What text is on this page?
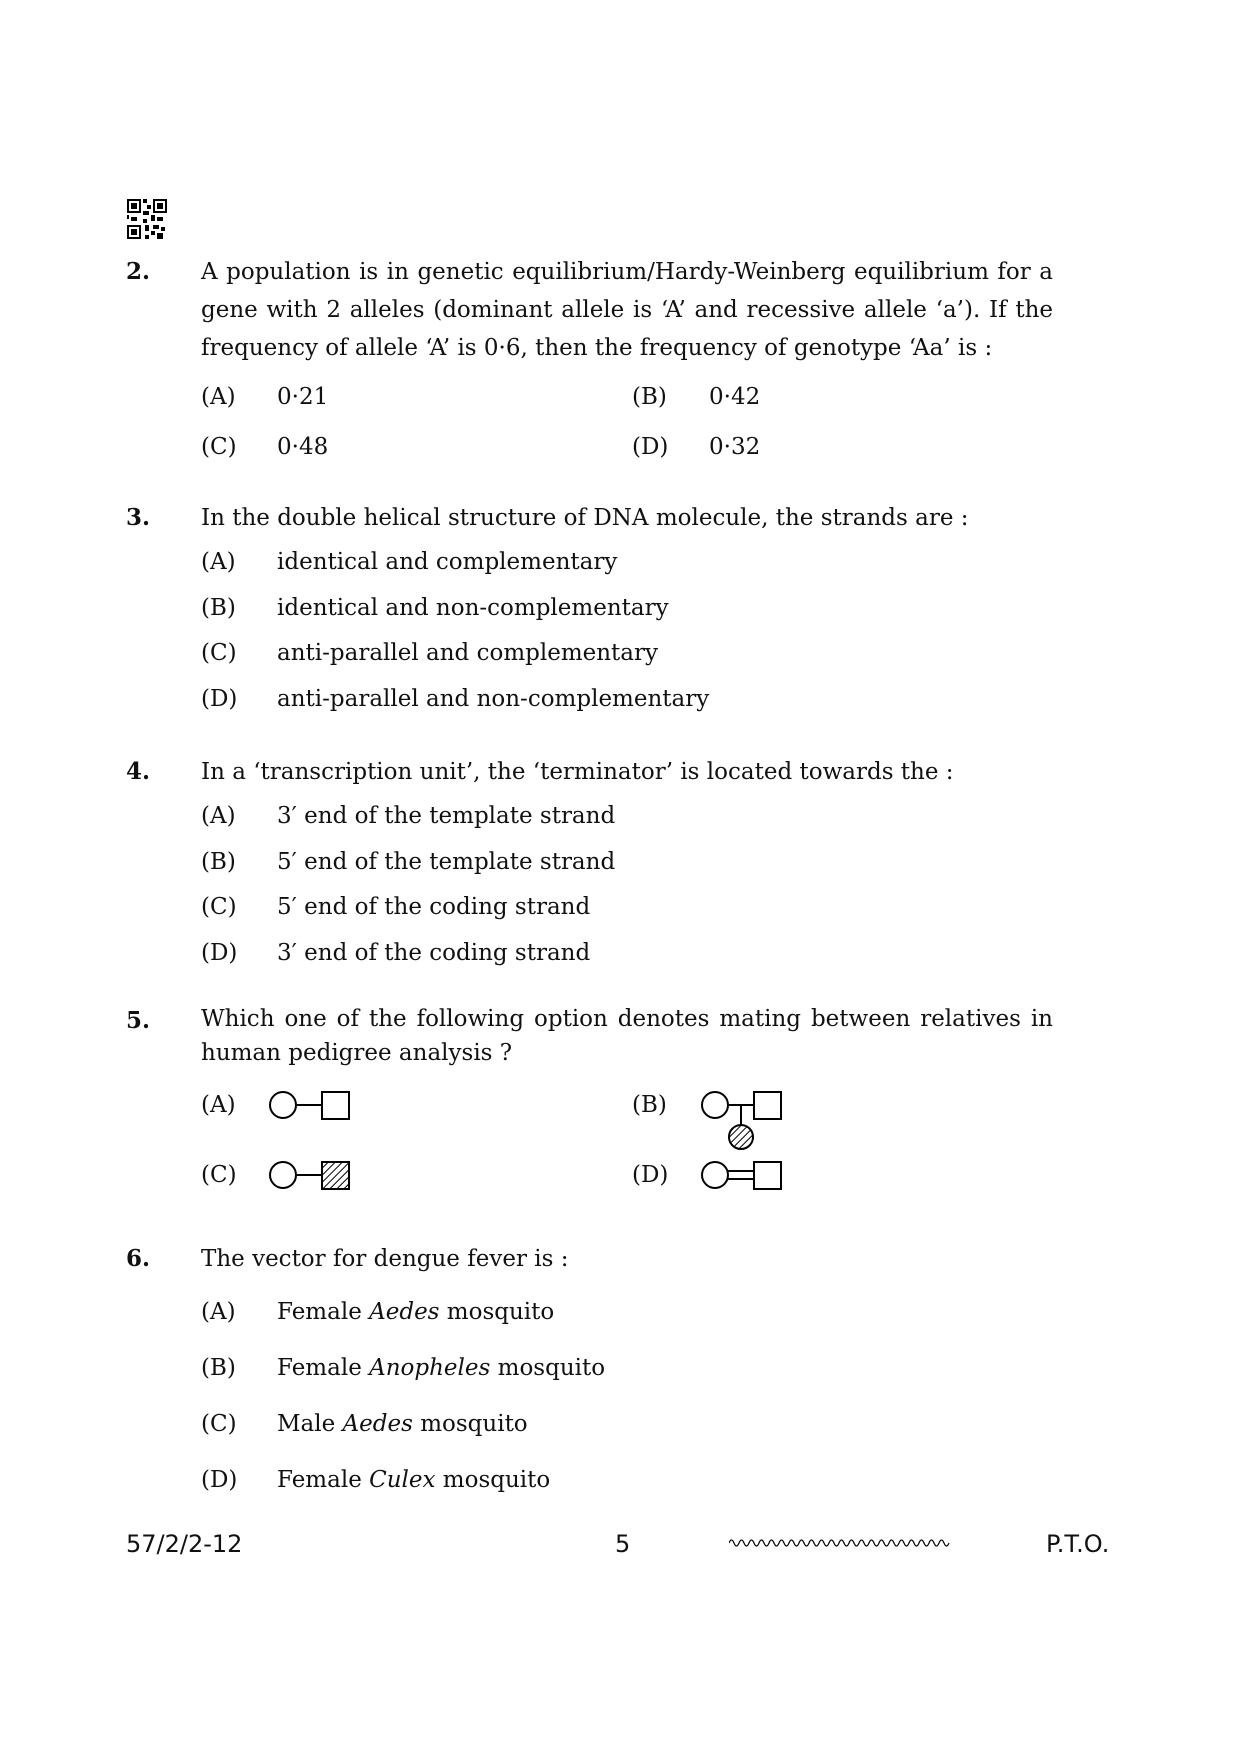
2. A population is in genetic equilibrium/Hardy-Weinberg equilibrium for a gene with 2 alleles (dominant allele is ‘A’ and recessive allele ‘a’). If the frequency of allele ‘A’ is 0·6, then the frequency of genotype ‘Aa’ is :
(A) 0·21	(B) 0·42
(C) 0·48	(D) 0·32
3. In the double helical structure of DNA molecule, the strands are :
(A) identical and complementary
(B) identical and non-complementary
(C) anti-parallel and complementary
(D) anti-parallel and non-complementary
4. In a ‘transcription unit’, the ‘terminator’ is located towards the :
(A) 3′ end of the template strand
(B) 5′ end of the template strand
(C) 5′ end of the coding strand
(D) 3′ end of the coding strand
5. Which one of the following option denotes mating between relatives in human pedigree analysis ?
(A)	(B)
(C)	(D)
6. The vector for dengue fever is :
(A) Female Aedes mosquito
(B) Female Anopheles mosquito
(C) Male Aedes mosquito
(D) Female Culex mosquito
57/2/2-12	5	P.T.O.
